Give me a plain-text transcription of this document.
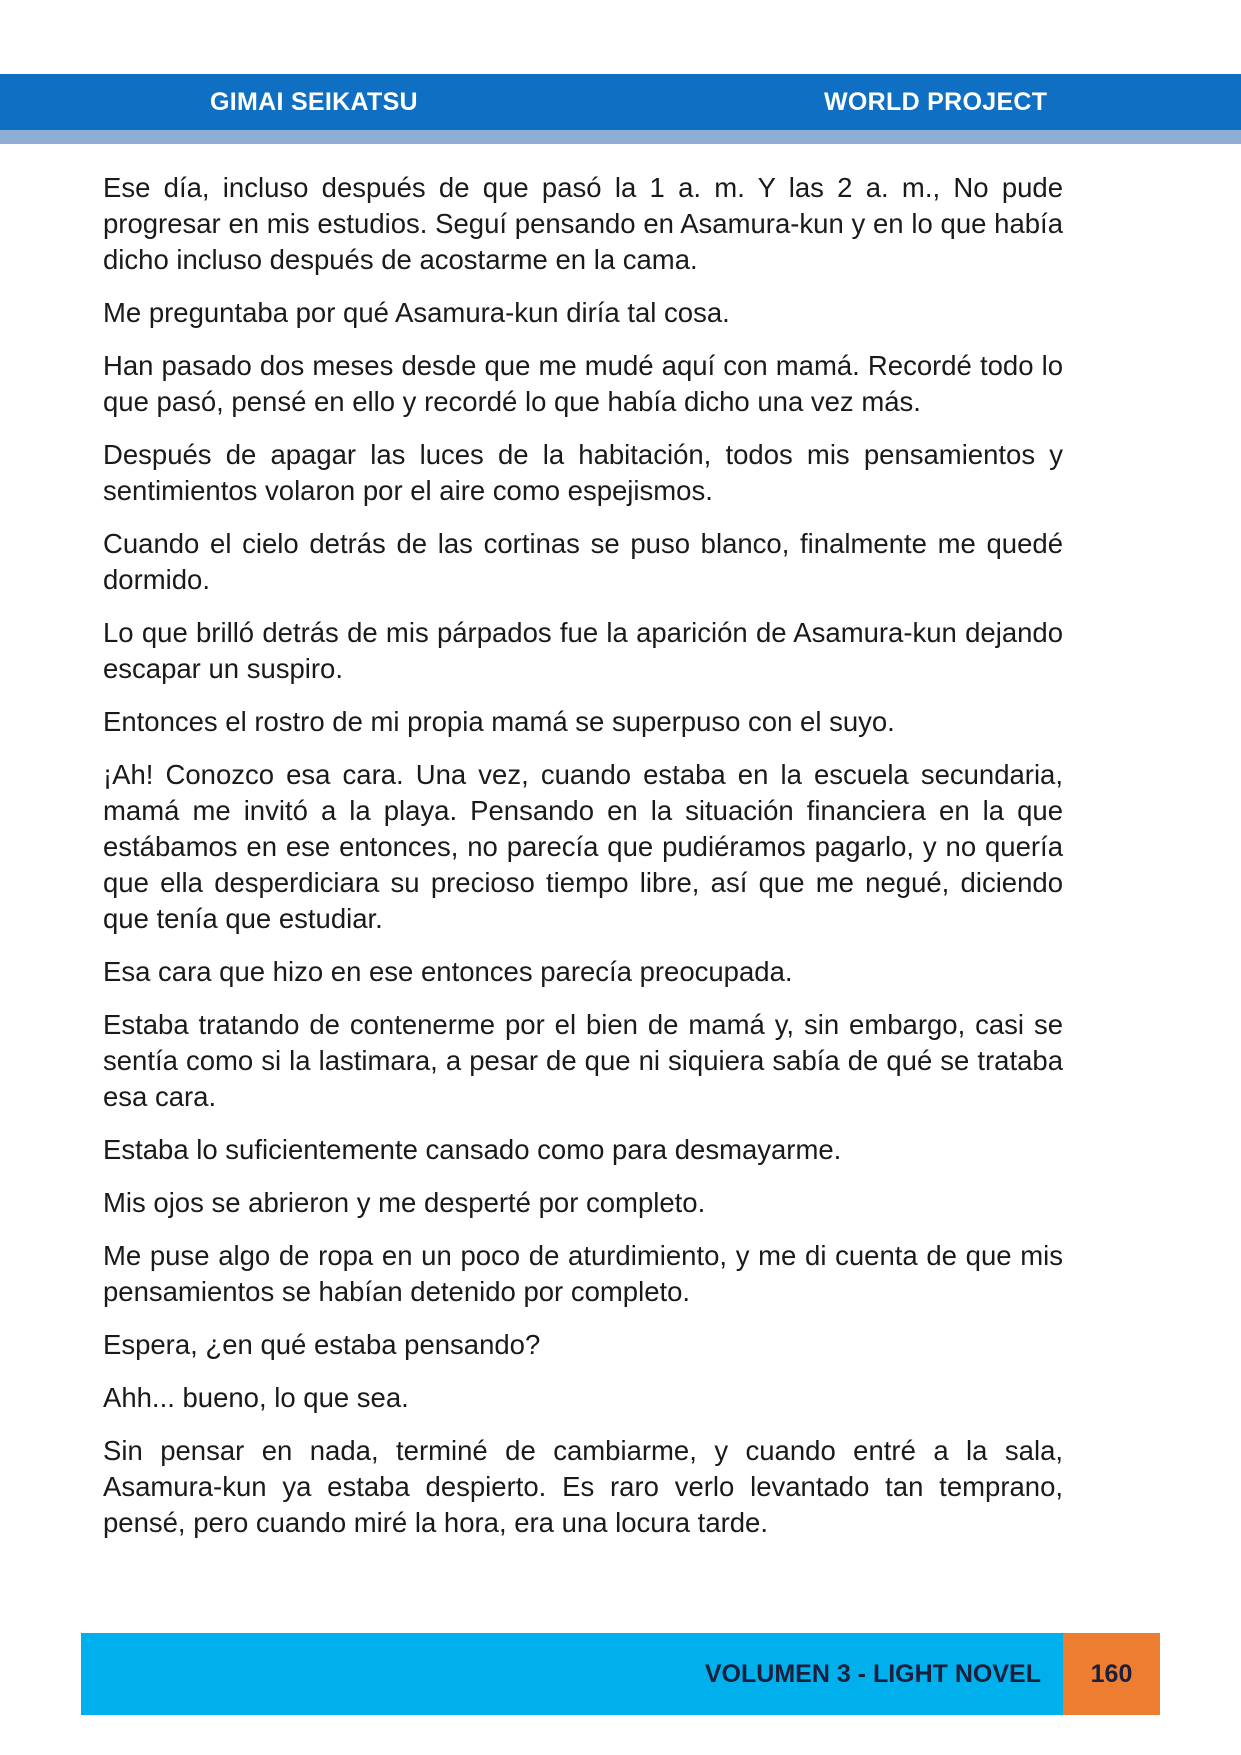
GIMAI SEIKATSU	WORLD PROJECT

Ese día, incluso después de que pasó la 1 a. m. Y las 2 a. m., No pude progresar en mis estudios. Seguí pensando en Asamura-kun y en lo que había dicho incluso después de acostarme en la cama.

Me preguntaba por qué Asamura-kun diría tal cosa.

Han pasado dos meses desde que me mudé aquí con mamá. Recordé todo lo que pasó, pensé en ello y recordé lo que había dicho una vez más.

Después de apagar las luces de la habitación, todos mis pensamientos y sentimientos volaron por el aire como espejismos.

Cuando el cielo detrás de las cortinas se puso blanco, finalmente me quedé dormido.

Lo que brilló detrás de mis párpados fue la aparición de Asamura-kun dejando escapar un suspiro.

Entonces el rostro de mi propia mamá se superpuso con el suyo.

¡Ah! Conozco esa cara. Una vez, cuando estaba en la escuela secundaria, mamá me invitó a la playa. Pensando en la situación financiera en la que estábamos en ese entonces, no parecía que pudiéramos pagarlo, y no quería que ella desperdiciara su precioso tiempo libre, así que me negué, diciendo que tenía que estudiar.

Esa cara que hizo en ese entonces parecía preocupada.

Estaba tratando de contenerme por el bien de mamá y, sin embargo, casi se sentía como si la lastimara, a pesar de que ni siquiera sabía de qué se trataba esa cara.

Estaba lo suficientemente cansado como para desmayarme.

Mis ojos se abrieron y me desperté por completo.

Me puse algo de ropa en un poco de aturdimiento, y me di cuenta de que mis pensamientos se habían detenido por completo.

Espera, ¿en qué estaba pensando?

Ahh... bueno, lo que sea.

Sin pensar en nada, terminé de cambiarme, y cuando entré a la sala, Asamura-kun ya estaba despierto. Es raro verlo levantado tan temprano, pensé, pero cuando miré la hora, era una locura tarde.

VOLUMEN 3 - LIGHT NOVEL	160
